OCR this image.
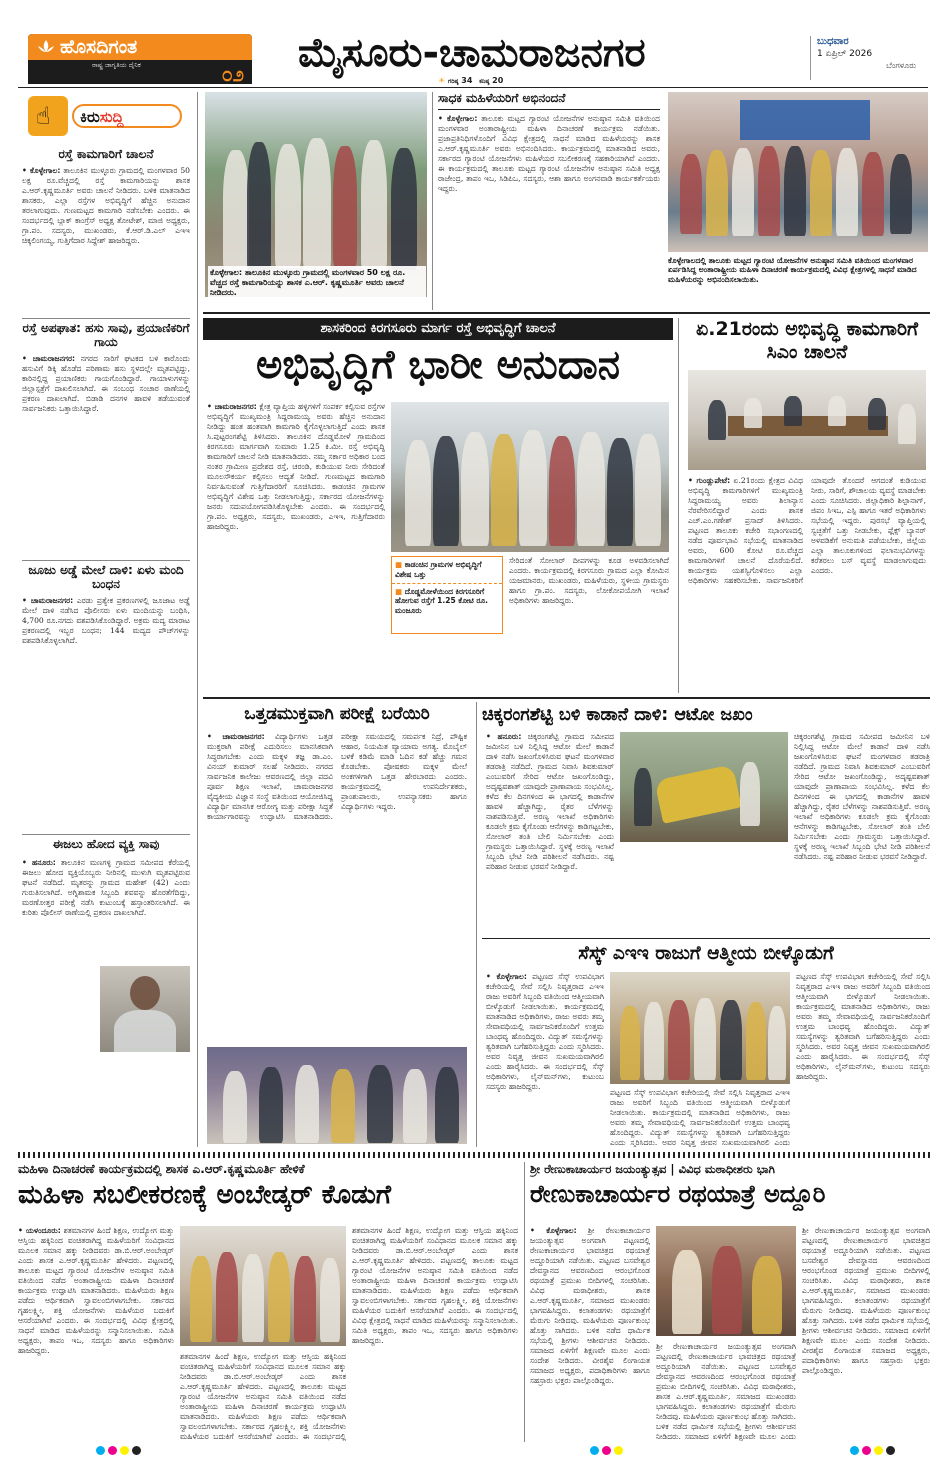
ಹೊಸದಿಗಂತ
ರಾಷ್ಟ್ರ ಜಾಗೃತಿಯ ದೈನಿಕ	೦೨ ಮೈಸೂರು-ಚಾಮರಾಜನಗರ
☀ ಗರಿಷ್ಠ 34 ಕನಿಷ್ಠ 20
ಬುಧವಾರ
1 ಏಪ್ರಿಲ್ 2026
ಬೆಂಗಳೂರು
☝	ಕಿರುಸುದ್ದಿ
ರಸ್ತೆ ಕಾಮಗಾರಿಗೆ ಚಾಲನೆ
• ಕೊಳ್ಳೇಗಾಲ: ತಾಲೂಕಿನ ಮುಳ್ಳೂರು ಗ್ರಾಮದಲ್ಲಿ ಮಂಗಳವಾರ 50 ಲಕ್ಷ ರೂ.ವೆಚ್ಚದಲ್ಲಿ ರಸ್ತೆ ಕಾಮಗಾರಿಯನ್ನು ಶಾಸಕ ಎ.ಆರ್.ಕೃಷ್ಣಮೂರ್ತಿ ಅವರು ಚಾಲನೆ ನೀಡಿದರು. ಬಳಿಕ ಮಾತನಾಡಿದ ಶಾಸಕರು, ಎಲ್ಲಾ ರಸ್ತೆಗಳ ಅಭಿವೃದ್ಧಿಗೆ ಹೆಚ್ಚಿನ ಅನುದಾನ ತರಲಾಗುವುದು. ಗುಣಮಟ್ಟದ ಕಾಮಗಾರಿ ನಡೆಸಬೇಕು ಎಂದರು. ಈ ಸಂದರ್ಭದಲ್ಲಿ ಬ್ಲಾಕ್ ಕಾಂಗ್ರೆಸ್ ಅಧ್ಯಕ್ಷ ತೋಟೇಶ್, ಮಾಜಿ ಅಧ್ಯಕ್ಷರು, ಗ್ರಾ.ಪಂ. ಸದಸ್ಯರು, ಮುಖಂಡರು, ಕೆ.ಆರ್.ಡಿ.ಎಲ್ ಎಇಇ ಚಿಕ್ಕಲಿಂಗಯ್ಯ, ಗುತ್ತಿಗೆದಾರ ಸಿದ್ದೇಶ್ ಹಾಜರಿದ್ದರು.
ರಸ್ತೆ ಅಪಘಾತ: ಹಸು ಸಾವು, ಪ್ರಯಾಣಿಕರಿಗೆ ಗಾಯ
• ಚಾಮರಾಜನಗರ: ನಗರದ ಸಾರಿಗೆ ಘಟಕದ ಬಳಿ ಕಾರೊಂದು ಹಸುವಿಗೆ ಡಿಕ್ಕಿ ಹೊಡೆದ ಪರಿಣಾಮ ಹಸು ಸ್ಥಳದಲ್ಲೇ ಮೃತಪಟ್ಟಿದ್ದು, ಕಾರಿನಲ್ಲಿದ್ದ ಪ್ರಯಾಣಿಕರು ಗಾಯಗೊಂಡಿದ್ದಾರೆ. ಗಾಯಾಳುಗಳನ್ನು ಜಿಲ್ಲಾಸ್ಪತ್ರೆಗೆ ದಾಖಲಿಸಲಾಗಿದೆ. ಈ ಸಂಬಂಧ ಸಂಚಾರ ಠಾಣೆಯಲ್ಲಿ ಪ್ರಕರಣ ದಾಖಲಾಗಿದೆ. ಬಿಡಾಡಿ ದನಗಳ ಹಾವಳಿ ತಡೆಯುವಂತೆ ಸಾರ್ವಜನಿಕರು ಒತ್ತಾಯಿಸಿದ್ದಾರೆ.
ಜೂಜು ಅಡ್ಡೆ ಮೇಲೆ ದಾಳಿ: ಏಳು ಮಂದಿ ಬಂಧನ
• ಚಾಮರಾಜನಗರ: ಎರಡು ಪ್ರತ್ಯೇಕ ಪ್ರಕರಣಗಳಲ್ಲಿ ಜೂಜಾಟ ಅಡ್ಡೆ ಮೇಲೆ ದಾಳಿ ನಡೆಸಿದ ಪೊಲೀಸರು ಏಳು ಮಂದಿಯನ್ನು ಬಂಧಿಸಿ, 4,700 ರೂ.ನಗದು ವಶಪಡಿಸಿಕೊಂಡಿದ್ದಾರೆ. ಅಕ್ರಮ ಮದ್ಯ ಮಾರಾಟ ಪ್ರಕರಣದಲ್ಲಿ ಇಬ್ಬರ ಬಂಧನ; 144 ಮದ್ಯದ ಪೌಚ್‌ಗಳನ್ನು ವಶಪಡಿಸಿಕೊಳ್ಳಲಾಗಿದೆ.
ಈಜಲು ಹೋದ ವ್ಯಕ್ತಿ ಸಾವು
• ಹನೂರು: ತಾಲೂಕಿನ ಮಣಗಳ್ಳಿ ಗ್ರಾಮದ ಸಮೀಪದ ಕೆರೆಯಲ್ಲಿ ಈಜಲು ಹೋದ ವ್ಯಕ್ತಿಯೊಬ್ಬರು ನೀರಿನಲ್ಲಿ ಮುಳುಗಿ ಮೃತಪಟ್ಟಿರುವ ಘಟನೆ ನಡೆದಿದೆ. ಮೃತರನ್ನು ಗ್ರಾಮದ ಮಹೇಶ್ (42) ಎಂದು ಗುರುತಿಸಲಾಗಿದೆ. ಅಗ್ನಿಶಾಮಕ ಸಿಬ್ಬಂದಿ ಶವವನ್ನು ಹೊರತೆಗೆದಿದ್ದು, ಮರಣೋತ್ತರ ಪರೀಕ್ಷೆ ನಡೆಸಿ ಕುಟುಂಬಕ್ಕೆ ಹಸ್ತಾಂತರಿಸಲಾಗಿದೆ. ಈ ಕುರಿತು ಪೊಲೀಸ್ ಠಾಣೆಯಲ್ಲಿ ಪ್ರಕರಣ ದಾಖಲಾಗಿದೆ.
ಕೊಳ್ಳೇಗಾಲ: ತಾಲೂಕಿನ ಮುಳ್ಳೂರು ಗ್ರಾಮದಲ್ಲಿ ಮಂಗಳವಾರ 50 ಲಕ್ಷ ರೂ. ವೆಚ್ಚದ ರಸ್ತೆ ಕಾಮಗಾರಿಯನ್ನು ಶಾಸಕ ಎ.ಆರ್. ಕೃಷ್ಣಮೂರ್ತಿ ಅವರು ಚಾಲನೆ ನೀಡಿದರು.
ಸಾಧಕ ಮಹಿಳೆಯರಿಗೆ ಅಭಿನಂದನೆ
• ಕೊಳ್ಳೇಗಾಲ: ತಾಲೂಕು ಮಟ್ಟದ ಗ್ಯಾರಂಟಿ ಯೋಜನೆಗಳ ಅನುಷ್ಠಾನ ಸಮಿತಿ ವತಿಯಿಂದ ಮಂಗಳವಾರ ಅಂತಾರಾಷ್ಟ್ರೀಯ ಮಹಿಳಾ ದಿನಾಚರಣೆ ಕಾರ್ಯಕ್ರಮ ನಡೆಯಿತು. ಪ್ರಜಾಪ್ರತಿನಿಧಿಗಳೊಂದಿಗೆ ವಿವಿಧ ಕ್ಷೇತ್ರದಲ್ಲಿ ಸಾಧನೆ ಮಾಡಿದ ಮಹಿಳೆಯರನ್ನು ಶಾಸಕ ಎ.ಆರ್.ಕೃಷ್ಣಮೂರ್ತಿ ಅವರು ಅಭಿನಂದಿಸಿದರು. ಕಾರ್ಯಕ್ರಮದಲ್ಲಿ ಮಾತನಾಡಿದ ಅವರು, ಸರ್ಕಾರದ ಗ್ಯಾರಂಟಿ ಯೋಜನೆಗಳು ಮಹಿಳೆಯರ ಸಬಲೀಕರಣಕ್ಕೆ ಸಹಕಾರಿಯಾಗಿವೆ ಎಂದರು. ಈ ಕಾರ್ಯಕ್ರಮದಲ್ಲಿ ತಾಲೂಕು ಮಟ್ಟದ ಗ್ಯಾರಂಟಿ ಯೋಜನೆಗಳ ಅನುಷ್ಠಾನ ಸಮಿತಿ ಅಧ್ಯಕ್ಷ ರಾಜೇಂದ್ರ, ತಾಪಂ ಇಒ, ಸಿಡಿಪಿಒ, ಸದಸ್ಯರು, ಆಶಾ ಹಾಗೂ ಅಂಗನವಾಡಿ ಕಾರ್ಯಕರ್ತೆಯರು ಇದ್ದರು.
ಕೊಳ್ಳೇಗಾಲದಲ್ಲಿ ತಾಲೂಕು ಮಟ್ಟದ ಗ್ಯಾರಂಟಿ ಯೋಜನೆಗಳ ಅನುಷ್ಠಾನ ಸಮಿತಿ ವತಿಯಿಂದ ಮಂಗಳವಾರ ಏರ್ಪಡಿಸಿದ್ದ ಅಂತಾರಾಷ್ಟ್ರೀಯ ಮಹಿಳಾ ದಿನಾಚರಣೆ ಕಾರ್ಯಕ್ರಮದಲ್ಲಿ ವಿವಿಧ ಕ್ಷೇತ್ರಗಳಲ್ಲಿ ಸಾಧನೆ ಮಾಡಿದ ಮಹಿಳೆಯರನ್ನು ಅಭಿನಂದಿಸಲಾಯಿತು.
ಶಾಸಕರಿಂದ ಕಿರಗಸೂರು ಮಾರ್ಗ ರಸ್ತೆ ಅಭಿವೃದ್ಧಿಗೆ ಚಾಲನೆ
ಅಭಿವೃದ್ಧಿಗೆ ಭಾರೀ ಅನುದಾನ
• ಚಾಮರಾಜನಗರ: ಕ್ಷೇತ್ರ ವ್ಯಾಪ್ತಿಯ ಹಳ್ಳಿಗಳಿಗೆ ಸಂಪರ್ಕ ಕಲ್ಪಿಸುವ ರಸ್ತೆಗಳ ಅಭಿವೃದ್ಧಿಗೆ ಮುಖ್ಯಮಂತ್ರಿ ಸಿದ್ದರಾಮಯ್ಯ ಅವರು ಹೆಚ್ಚಿನ ಅನುದಾನ ನೀಡಿದ್ದು ಹಂತ ಹಂತವಾಗಿ ಕಾಮಗಾರಿ ಕೈಗೊಳ್ಳಲಾಗುತ್ತಿದೆ ಎಂದು ಶಾಸಕ ಸಿ.ಪುಟ್ಟರಂಗಶೆಟ್ಟಿ ತಿಳಿಸಿದರು. ತಾಲೂಕಿನ ದೊಡ್ಡಮೋಳೆ ಗ್ರಾಮದಿಂದ ಕಿರಗಸೂರು ಮಾರ್ಗವಾಗಿ ಸುಮಾರು 1.25 ಕಿ.ಮೀ. ರಸ್ತೆ ಅಭಿವೃದ್ಧಿ ಕಾಮಗಾರಿಗೆ ಚಾಲನೆ ನೀಡಿ ಮಾತನಾಡಿದರು. ನಮ್ಮ ಸರ್ಕಾರ ಅಧಿಕಾರ ಬಂದ ನಂತರ ಗ್ರಾಮೀಣ ಪ್ರದೇಶದ ರಸ್ತೆ, ಚರಂಡಿ, ಕುಡಿಯುವ ನೀರು ಸೇರಿದಂತೆ ಮೂಲಸೌಕರ್ಯ ಕಲ್ಪಿಸಲು ಆದ್ಯತೆ ನೀಡಿದೆ. ಗುಣಮಟ್ಟದ ಕಾಮಗಾರಿ ನಿರ್ವಹಿಸುವಂತೆ ಗುತ್ತಿಗೆದಾರರಿಗೆ ಸೂಚಿಸಿದರು. ಕಾಡಂಚಿನ ಗ್ರಾಮಗಳ ಅಭಿವೃದ್ಧಿಗೆ ವಿಶೇಷ ಒತ್ತು ನೀಡಲಾಗುತ್ತಿದ್ದು, ಸರ್ಕಾರದ ಯೋಜನೆಗಳನ್ನು ಜನರು ಸದುಪಯೋಗಪಡಿಸಿಕೊಳ್ಳಬೇಕು ಎಂದರು. ಈ ಸಂದರ್ಭದಲ್ಲಿ ಗ್ರಾ.ಪಂ. ಅಧ್ಯಕ್ಷರು, ಸದಸ್ಯರು, ಮುಖಂಡರು, ಎಇಇ, ಗುತ್ತಿಗೆದಾರರು ಹಾಜರಿದ್ದರು.
■ ಕಾಡಂಚಿನ ಗ್ರಾಮಗಳ ಅಭಿವೃದ್ಧಿಗೆ ವಿಶೇಷ ಒತ್ತು
■ ದೊಡ್ಡಮೋಳೆಯಿಂದ ಕಿರಗಸೂರಿಗೆ ಹೋಗುವ ರಸ್ತೆಗೆ 1.25 ಕೋಟಿ ರೂ. ಮಂಜೂರು
ಸೇರಿದಂತೆ ಸೋಲಾರ್ ದೀಪಗಳನ್ನು ಕೂಡ ಅಳವಡಿಸಲಾಗಿದೆ ಎಂದರು. ಕಾರ್ಯಕ್ರಮದಲ್ಲಿ ಕಿರಗಸೂರು ಗ್ರಾಮದ ಎಲ್ಲಾ ಕೋಮಿನ ಯಜಮಾನರು, ಮುಖಂಡರು, ಮಹಿಳೆಯರು, ಸ್ಥಳೀಯ ಗ್ರಾಮಸ್ಥರು ಹಾಗೂ ಗ್ರಾ.ಪಂ. ಸದಸ್ಯರು, ಲೋಕೋಪಯೋಗಿ ಇಲಾಖೆ ಅಧಿಕಾರಿಗಳು ಹಾಜರಿದ್ದರು.
ಏ.21ರಂದು ಅಭಿವೃದ್ಧಿ ಕಾಮಗಾರಿಗೆ ಸಿಎಂ ಚಾಲನೆ
• ಗುಂಡ್ಲುಪೇಟೆ: ಏ.21ರಂದು ಕ್ಷೇತ್ರದ ವಿವಿಧ ಅಭಿವೃದ್ಧಿ ಕಾಮಗಾರಿಗಳಿಗೆ ಮುಖ್ಯಮಂತ್ರಿ ಸಿದ್ದರಾಮಯ್ಯ ಅವರು ಶಿಲಾನ್ಯಾಸ ನೆರವೇರಿಸಲಿದ್ದಾರೆ ಎಂದು ಶಾಸಕ ಎಚ್.ಎಂ.ಗಣೇಶ್ ಪ್ರಸಾದ್ ತಿಳಿಸಿದರು. ಪಟ್ಟಣದ ತಾಲೂಕು ಕಚೇರಿ ಸಭಾಂಗಣದಲ್ಲಿ ನಡೆದ ಪೂರ್ವಭಾವಿ ಸಭೆಯಲ್ಲಿ ಮಾತನಾಡಿದ ಅವರು, 600 ಕೋಟಿ ರೂ.ವೆಚ್ಚದ ಕಾಮಗಾರಿಗಳಿಗೆ ಚಾಲನೆ ದೊರೆಯಲಿದೆ. ಕಾರ್ಯಕ್ರಮ ಯಶಸ್ವಿಗೊಳಿಸಲು ಎಲ್ಲಾ ಅಧಿಕಾರಿಗಳು ಸಹಕರಿಸಬೇಕು. ಸಾರ್ವಜನಿಕರಿಗೆ ಯಾವುದೇ ತೊಂದರೆ ಆಗದಂತೆ ಕುಡಿಯುವ ನೀರು, ಸಾರಿಗೆ, ಶೌಚಾಲಯ ವ್ಯವಸ್ಥೆ ಮಾಡಬೇಕು ಎಂದು ಸೂಚಿಸಿದರು. ಜಿಲ್ಲಾಧಿಕಾರಿ ಶಿಲ್ಪಾನಾಗ್, ಜಿಪಂ ಸಿಇಒ, ಎಸ್ಪಿ ಹಾಗೂ ಇತರೆ ಅಧಿಕಾರಿಗಳು ಸಭೆಯಲ್ಲಿ ಇದ್ದರು. ಪುರಸಭೆ ವ್ಯಾಪ್ತಿಯಲ್ಲಿ ಸ್ವಚ್ಛತೆಗೆ ಒತ್ತು ನೀಡಬೇಕು, ಫ್ಲೆಕ್ಸ್ ಬ್ಯಾನರ್ ಅಳವಡಿಕೆಗೆ ಅನುಮತಿ ಪಡೆಯಬೇಕು, ಜಿಲ್ಲೆಯ ಎಲ್ಲಾ ತಾಲೂಕುಗಳಿಂದ ಫಲಾನುಭವಿಗಳನ್ನು ಕರೆತರಲು ಬಸ್ ವ್ಯವಸ್ಥೆ ಮಾಡಲಾಗುವುದು ಎಂದರು.
ಒತ್ತಡಮುಕ್ತವಾಗಿ ಪರೀಕ್ಷೆ ಬರೆಯಿರಿ
• ಚಾಮರಾಜನಗರ: ವಿದ್ಯಾರ್ಥಿಗಳು ಒತ್ತಡ ಮುಕ್ತರಾಗಿ ಪರೀಕ್ಷೆ ಎದುರಿಸಲು ಮಾನಸಿಕವಾಗಿ ಸಿದ್ಧರಾಗಬೇಕು ಎಂದು ಮಕ್ಕಳ ತಜ್ಞ ಡಾ.ಎಂ. ವಿನಯ್ ಕುಮಾರ್ ಸಲಹೆ ನೀಡಿದರು. ನಗರದ ಸಾರ್ವಜನಿಕ ಕಾಲೇಜು ಆವರಣದಲ್ಲಿ ಜಿಲ್ಲಾ ಪದವಿ ಪೂರ್ವ ಶಿಕ್ಷಣ ಇಲಾಖೆ, ಚಾಮರಾಜನಗರ ವೈದ್ಯಕೀಯ ವಿಜ್ಞಾನ ಸಂಸ್ಥೆ ವತಿಯಿಂದ ಆಯೋಜಿಸಿದ್ದ ವಿದ್ಯಾರ್ಥಿ ಮಾನಸಿಕ ಆರೋಗ್ಯ ಮತ್ತು ಪರೀಕ್ಷಾ ಸಿದ್ಧತೆ ಕಾರ್ಯಾಗಾರವನ್ನು ಉದ್ಘಾಟಿಸಿ ಮಾತನಾಡಿದರು. ಪರೀಕ್ಷಾ ಸಮಯದಲ್ಲಿ ಸಮರ್ಪಕ ನಿದ್ರೆ, ಪೌಷ್ಟಿಕ ಆಹಾರ, ನಿಯಮಿತ ವ್ಯಾಯಾಮ ಅಗತ್ಯ. ಮೊಬೈಲ್ ಬಳಕೆ ಕಡಿಮೆ ಮಾಡಿ ಓದಿನ ಕಡೆ ಹೆಚ್ಚು ಗಮನ ಕೊಡಬೇಕು. ಪೋಷಕರು ಮಕ್ಕಳ ಮೇಲೆ ಅಂಕಗಳಿಗಾಗಿ ಒತ್ತಡ ಹೇರಬಾರದು ಎಂದರು. ಕಾರ್ಯಕ್ರಮದಲ್ಲಿ ಉಪನಿರ್ದೇಶಕರು, ಪ್ರಾಂಶುಪಾಲರು, ಉಪನ್ಯಾಸಕರು ಹಾಗೂ ವಿದ್ಯಾರ್ಥಿಗಳು ಇದ್ದರು.
ಚಿಕ್ಕರಂಗಶೆಟ್ಟಿ ಬಳಿ ಕಾಡಾನೆ ದಾಳಿ: ಆಟೋ ಜಖಂ
• ಹನೂರು: ಚಿಕ್ಕರಂಗಶೆಟ್ಟಿ ಗ್ರಾಮದ ಸಮೀಪದ ಜಮೀನಿನ ಬಳಿ ನಿಲ್ಲಿಸಿದ್ದ ಆಟೋ ಮೇಲೆ ಕಾಡಾನೆ ದಾಳಿ ನಡೆಸಿ ಜಖಂಗೊಳಿಸಿರುವ ಘಟನೆ ಮಂಗಳವಾರ ತಡರಾತ್ರಿ ನಡೆದಿದೆ. ಗ್ರಾಮದ ನಿವಾಸಿ ಶಿವಕುಮಾರ್ ಎಂಬುವರಿಗೆ ಸೇರಿದ ಆಟೋ ಜಖಂಗೊಂಡಿದ್ದು, ಅದೃಷ್ಟವಶಾತ್ ಯಾವುದೇ ಪ್ರಾಣಾಪಾಯ ಸಂಭವಿಸಿಲ್ಲ. ಕಳೆದ ಕೆಲ ದಿನಗಳಿಂದ ಈ ಭಾಗದಲ್ಲಿ ಕಾಡಾನೆಗಳ ಹಾವಳಿ ಹೆಚ್ಚಾಗಿದ್ದು, ರೈತರ ಬೆಳೆಗಳನ್ನು ನಾಶಪಡಿಸುತ್ತಿವೆ. ಅರಣ್ಯ ಇಲಾಖೆ ಅಧಿಕಾರಿಗಳು ಕೂಡಲೇ ಕ್ರಮ ಕೈಗೊಂಡು ಆನೆಗಳನ್ನು ಕಾಡಿಗಟ್ಟಬೇಕು, ಸೋಲಾರ್ ತಂತಿ ಬೇಲಿ ನಿರ್ಮಿಸಬೇಕು ಎಂದು ಗ್ರಾಮಸ್ಥರು ಒತ್ತಾಯಿಸಿದ್ದಾರೆ. ಸ್ಥಳಕ್ಕೆ ಅರಣ್ಯ ಇಲಾಖೆ ಸಿಬ್ಬಂದಿ ಭೇಟಿ ನೀಡಿ ಪರಿಶೀಲನೆ ನಡೆಸಿದರು. ನಷ್ಟ ಪರಿಹಾರ ನೀಡುವ ಭರವಸೆ ನೀಡಿದ್ದಾರೆ.
ಚಿಕ್ಕರಂಗಶೆಟ್ಟಿ ಗ್ರಾಮದ ಸಮೀಪದ ಜಮೀನಿನ ಬಳಿ ನಿಲ್ಲಿಸಿದ್ದ ಆಟೋ ಮೇಲೆ ಕಾಡಾನೆ ದಾಳಿ ನಡೆಸಿ ಜಖಂಗೊಳಿಸಿರುವ ಘಟನೆ ಮಂಗಳವಾರ ತಡರಾತ್ರಿ ನಡೆದಿದೆ. ಗ್ರಾಮದ ನಿವಾಸಿ ಶಿವಕುಮಾರ್ ಎಂಬುವರಿಗೆ ಸೇರಿದ ಆಟೋ ಜಖಂಗೊಂಡಿದ್ದು, ಅದೃಷ್ಟವಶಾತ್ ಯಾವುದೇ ಪ್ರಾಣಾಪಾಯ ಸಂಭವಿಸಿಲ್ಲ. ಕಳೆದ ಕೆಲ ದಿನಗಳಿಂದ ಈ ಭಾಗದಲ್ಲಿ ಕಾಡಾನೆಗಳ ಹಾವಳಿ ಹೆಚ್ಚಾಗಿದ್ದು, ರೈತರ ಬೆಳೆಗಳನ್ನು ನಾಶಪಡಿಸುತ್ತಿವೆ. ಅರಣ್ಯ ಇಲಾಖೆ ಅಧಿಕಾರಿಗಳು ಕೂಡಲೇ ಕ್ರಮ ಕೈಗೊಂಡು ಆನೆಗಳನ್ನು ಕಾಡಿಗಟ್ಟಬೇಕು, ಸೋಲಾರ್ ತಂತಿ ಬೇಲಿ ನಿರ್ಮಿಸಬೇಕು ಎಂದು ಗ್ರಾಮಸ್ಥರು ಒತ್ತಾಯಿಸಿದ್ದಾರೆ. ಸ್ಥಳಕ್ಕೆ ಅರಣ್ಯ ಇಲಾಖೆ ಸಿಬ್ಬಂದಿ ಭೇಟಿ ನೀಡಿ ಪರಿಶೀಲನೆ ನಡೆಸಿದರು. ನಷ್ಟ ಪರಿಹಾರ ನೀಡುವ ಭರವಸೆ ನೀಡಿದ್ದಾರೆ.
ಸೆಸ್ಕ್ ಎಇಇ ರಾಜುಗೆ ಆತ್ಮೀಯ ಬೀಳ್ಕೊಡುಗೆ
• ಕೊಳ್ಳೇಗಾಲ: ಪಟ್ಟಣದ ಸೆಸ್ಕ್ ಉಪವಿಭಾಗ ಕಚೇರಿಯಲ್ಲಿ ಸೇವೆ ಸಲ್ಲಿಸಿ ನಿವೃತ್ತರಾದ ಎಇಇ ರಾಜು ಅವರಿಗೆ ಸಿಬ್ಬಂದಿ ವತಿಯಿಂದ ಆತ್ಮೀಯವಾಗಿ ಬೀಳ್ಕೊಡುಗೆ ನೀಡಲಾಯಿತು. ಕಾರ್ಯಕ್ರಮದಲ್ಲಿ ಮಾತನಾಡಿದ ಅಧಿಕಾರಿಗಳು, ರಾಜು ಅವರು ತಮ್ಮ ಸೇವಾವಧಿಯಲ್ಲಿ ಸಾರ್ವಜನಿಕರೊಂದಿಗೆ ಉತ್ತಮ ಬಾಂಧವ್ಯ ಹೊಂದಿದ್ದರು. ವಿದ್ಯುತ್ ಸಮಸ್ಯೆಗಳನ್ನು ತ್ವರಿತವಾಗಿ ಬಗೆಹರಿಸುತ್ತಿದ್ದರು ಎಂದು ಸ್ಮರಿಸಿದರು. ಅವರ ನಿವೃತ್ತ ಜೀವನ ಸುಖಮಯವಾಗಿರಲಿ ಎಂದು ಹಾರೈಸಿದರು. ಈ ಸಂದರ್ಭದಲ್ಲಿ ಸೆಸ್ಕ್ ಅಧಿಕಾರಿಗಳು, ಲೈನ್‌ಮನ್‌ಗಳು, ಕುಟುಂಬ ಸದಸ್ಯರು ಹಾಜರಿದ್ದರು.
ಪಟ್ಟಣದ ಸೆಸ್ಕ್ ಉಪವಿಭಾಗ ಕಚೇರಿಯಲ್ಲಿ ಸೇವೆ ಸಲ್ಲಿಸಿ ನಿವೃತ್ತರಾದ ಎಇಇ ರಾಜು ಅವರಿಗೆ ಸಿಬ್ಬಂದಿ ವತಿಯಿಂದ ಆತ್ಮೀಯವಾಗಿ ಬೀಳ್ಕೊಡುಗೆ ನೀಡಲಾಯಿತು. ಕಾರ್ಯಕ್ರಮದಲ್ಲಿ ಮಾತನಾಡಿದ ಅಧಿಕಾರಿಗಳು, ರಾಜು ಅವರು ತಮ್ಮ ಸೇವಾವಧಿಯಲ್ಲಿ ಸಾರ್ವಜನಿಕರೊಂದಿಗೆ ಉತ್ತಮ ಬಾಂಧವ್ಯ ಹೊಂದಿದ್ದರು. ವಿದ್ಯುತ್ ಸಮಸ್ಯೆಗಳನ್ನು ತ್ವರಿತವಾಗಿ ಬಗೆಹರಿಸುತ್ತಿದ್ದರು ಎಂದು ಸ್ಮರಿಸಿದರು. ಅವರ ನಿವೃತ್ತ ಜೀವನ ಸುಖಮಯವಾಗಿರಲಿ ಎಂದು
ಪಟ್ಟಣದ ಸೆಸ್ಕ್ ಉಪವಿಭಾಗ ಕಚೇರಿಯಲ್ಲಿ ಸೇವೆ ಸಲ್ಲಿಸಿ ನಿವೃತ್ತರಾದ ಎಇಇ ರಾಜು ಅವರಿಗೆ ಸಿಬ್ಬಂದಿ ವತಿಯಿಂದ ಆತ್ಮೀಯವಾಗಿ ಬೀಳ್ಕೊಡುಗೆ ನೀಡಲಾಯಿತು. ಕಾರ್ಯಕ್ರಮದಲ್ಲಿ ಮಾತನಾಡಿದ ಅಧಿಕಾರಿಗಳು, ರಾಜು ಅವರು ತಮ್ಮ ಸೇವಾವಧಿಯಲ್ಲಿ ಸಾರ್ವಜನಿಕರೊಂದಿಗೆ ಉತ್ತಮ ಬಾಂಧವ್ಯ ಹೊಂದಿದ್ದರು. ವಿದ್ಯುತ್ ಸಮಸ್ಯೆಗಳನ್ನು ತ್ವರಿತವಾಗಿ ಬಗೆಹರಿಸುತ್ತಿದ್ದರು ಎಂದು ಸ್ಮರಿಸಿದರು. ಅವರ ನಿವೃತ್ತ ಜೀವನ ಸುಖಮಯವಾಗಿರಲಿ ಎಂದು ಹಾರೈಸಿದರು. ಈ ಸಂದರ್ಭದಲ್ಲಿ ಸೆಸ್ಕ್ ಅಧಿಕಾರಿಗಳು, ಲೈನ್‌ಮನ್‌ಗಳು, ಕುಟುಂಬ ಸದಸ್ಯರು ಹಾಜರಿದ್ದರು.
ಮಹಿಳಾ ದಿನಾಚರಣೆ ಕಾರ್ಯಕ್ರಮದಲ್ಲಿ ಶಾಸಕ ಎ.ಆರ್.ಕೃಷ್ಣಮೂರ್ತಿ ಹೇಳಿಕೆ
ಮಹಿಳಾ ಸಬಲೀಕರಣಕ್ಕೆ ಅಂಬೇಡ್ಕರ್ ಕೊಡುಗೆ
• ಯಳಂದೂರು: ಶತಮಾನಗಳ ಹಿಂದೆ ಶಿಕ್ಷಣ, ಉದ್ಯೋಗ ಮತ್ತು ಆಸ್ತಿಯ ಹಕ್ಕಿನಿಂದ ವಂಚಿತರಾಗಿದ್ದ ಮಹಿಳೆಯರಿಗೆ ಸಂವಿಧಾನದ ಮೂಲಕ ಸಮಾನ ಹಕ್ಕು ನೀಡಿದವರು ಡಾ.ಬಿ.ಆರ್.ಅಂಬೇಡ್ಕರ್ ಎಂದು ಶಾಸಕ ಎ.ಆರ್.ಕೃಷ್ಣಮೂರ್ತಿ ಹೇಳಿದರು. ಪಟ್ಟಣದಲ್ಲಿ ತಾಲೂಕು ಮಟ್ಟದ ಗ್ಯಾರಂಟಿ ಯೋಜನೆಗಳ ಅನುಷ್ಠಾನ ಸಮಿತಿ ವತಿಯಿಂದ ನಡೆದ ಅಂತಾರಾಷ್ಟ್ರೀಯ ಮಹಿಳಾ ದಿನಾಚರಣೆ ಕಾರ್ಯಕ್ರಮ ಉದ್ಘಾಟಿಸಿ ಮಾತನಾಡಿದರು. ಮಹಿಳೆಯರು ಶಿಕ್ಷಣ ಪಡೆದು ಆರ್ಥಿಕವಾಗಿ ಸ್ವಾವಲಂಬಿಗಳಾಗಬೇಕು. ಸರ್ಕಾರದ ಗೃಹಲಕ್ಷ್ಮೀ, ಶಕ್ತಿ ಯೋಜನೆಗಳು ಮಹಿಳೆಯರ ಬದುಕಿಗೆ ಆಸರೆಯಾಗಿವೆ ಎಂದರು. ಈ ಸಂದರ್ಭದಲ್ಲಿ ವಿವಿಧ ಕ್ಷೇತ್ರದಲ್ಲಿ ಸಾಧನೆ ಮಾಡಿದ ಮಹಿಳೆಯರನ್ನು ಸನ್ಮಾನಿಸಲಾಯಿತು. ಸಮಿತಿ ಅಧ್ಯಕ್ಷರು, ತಾಪಂ ಇಒ, ಸದಸ್ಯರು ಹಾಗೂ ಅಧಿಕಾರಿಗಳು ಹಾಜರಿದ್ದರು.
ಶತಮಾನಗಳ ಹಿಂದೆ ಶಿಕ್ಷಣ, ಉದ್ಯೋಗ ಮತ್ತು ಆಸ್ತಿಯ ಹಕ್ಕಿನಿಂದ ವಂಚಿತರಾಗಿದ್ದ ಮಹಿಳೆಯರಿಗೆ ಸಂವಿಧಾನದ ಮೂಲಕ ಸಮಾನ ಹಕ್ಕು ನೀಡಿದವರು ಡಾ.ಬಿ.ಆರ್.ಅಂಬೇಡ್ಕರ್ ಎಂದು ಶಾಸಕ ಎ.ಆರ್.ಕೃಷ್ಣಮೂರ್ತಿ ಹೇಳಿದರು. ಪಟ್ಟಣದಲ್ಲಿ ತಾಲೂಕು ಮಟ್ಟದ ಗ್ಯಾರಂಟಿ ಯೋಜನೆಗಳ ಅನುಷ್ಠಾನ ಸಮಿತಿ ವತಿಯಿಂದ ನಡೆದ ಅಂತಾರಾಷ್ಟ್ರೀಯ ಮಹಿಳಾ ದಿನಾಚರಣೆ ಕಾರ್ಯಕ್ರಮ ಉದ್ಘಾಟಿಸಿ ಮಾತನಾಡಿದರು. ಮಹಿಳೆಯರು ಶಿಕ್ಷಣ ಪಡೆದು ಆರ್ಥಿಕವಾಗಿ ಸ್ವಾವಲಂಬಿಗಳಾಗಬೇಕು. ಸರ್ಕಾರದ ಗೃಹಲಕ್ಷ್ಮೀ, ಶಕ್ತಿ ಯೋಜನೆಗಳು ಮಹಿಳೆಯರ ಬದುಕಿಗೆ ಆಸರೆಯಾಗಿವೆ ಎಂದರು. ಈ ಸಂದರ್ಭದಲ್ಲಿ
ಶತಮಾನಗಳ ಹಿಂದೆ ಶಿಕ್ಷಣ, ಉದ್ಯೋಗ ಮತ್ತು ಆಸ್ತಿಯ ಹಕ್ಕಿನಿಂದ ವಂಚಿತರಾಗಿದ್ದ ಮಹಿಳೆಯರಿಗೆ ಸಂವಿಧಾನದ ಮೂಲಕ ಸಮಾನ ಹಕ್ಕು ನೀಡಿದವರು ಡಾ.ಬಿ.ಆರ್.ಅಂಬೇಡ್ಕರ್ ಎಂದು ಶಾಸಕ ಎ.ಆರ್.ಕೃಷ್ಣಮೂರ್ತಿ ಹೇಳಿದರು. ಪಟ್ಟಣದಲ್ಲಿ ತಾಲೂಕು ಮಟ್ಟದ ಗ್ಯಾರಂಟಿ ಯೋಜನೆಗಳ ಅನುಷ್ಠಾನ ಸಮಿತಿ ವತಿಯಿಂದ ನಡೆದ ಅಂತಾರಾಷ್ಟ್ರೀಯ ಮಹಿಳಾ ದಿನಾಚರಣೆ ಕಾರ್ಯಕ್ರಮ ಉದ್ಘಾಟಿಸಿ ಮಾತನಾಡಿದರು. ಮಹಿಳೆಯರು ಶಿಕ್ಷಣ ಪಡೆದು ಆರ್ಥಿಕವಾಗಿ ಸ್ವಾವಲಂಬಿಗಳಾಗಬೇಕು. ಸರ್ಕಾರದ ಗೃಹಲಕ್ಷ್ಮೀ, ಶಕ್ತಿ ಯೋಜನೆಗಳು ಮಹಿಳೆಯರ ಬದುಕಿಗೆ ಆಸರೆಯಾಗಿವೆ ಎಂದರು. ಈ ಸಂದರ್ಭದಲ್ಲಿ ವಿವಿಧ ಕ್ಷೇತ್ರದಲ್ಲಿ ಸಾಧನೆ ಮಾಡಿದ ಮಹಿಳೆಯರನ್ನು ಸನ್ಮಾನಿಸಲಾಯಿತು. ಸಮಿತಿ ಅಧ್ಯಕ್ಷರು, ತಾಪಂ ಇಒ, ಸದಸ್ಯರು ಹಾಗೂ ಅಧಿಕಾರಿಗಳು ಹಾಜರಿದ್ದರು.
ಶ್ರೀ ರೇಣುಕಾಚಾರ್ಯರ ಜಯಂತ್ಯುತ್ಸವ | ವಿವಿಧ ಮಠಾಧೀಶರು ಭಾಗಿ
ರೇಣುಕಾಚಾರ್ಯರ ರಥಯಾತ್ರೆ ಅದ್ದೂರಿ
• ಕೊಳ್ಳೇಗಾಲ: ಶ್ರೀ ರೇಣುಕಾಚಾರ್ಯರ ಜಯಂತ್ಯುತ್ಸವ ಅಂಗವಾಗಿ ಪಟ್ಟಣದಲ್ಲಿ ರೇಣುಕಾಚಾರ್ಯರ ಭಾವಚಿತ್ರದ ರಥಯಾತ್ರೆ ಅದ್ದೂರಿಯಾಗಿ ನಡೆಯಿತು. ಪಟ್ಟಣದ ಬಸವೇಶ್ವರ ದೇವಸ್ಥಾನದ ಆವರಣದಿಂದ ಆರಂಭಗೊಂಡ ರಥಯಾತ್ರೆ ಪ್ರಮುಖ ಬೀದಿಗಳಲ್ಲಿ ಸಂಚರಿಸಿತು. ವಿವಿಧ ಮಠಾಧೀಶರು, ಶಾಸಕ ಎ.ಆರ್.ಕೃಷ್ಣಮೂರ್ತಿ, ಸಮಾಜದ ಮುಖಂಡರು ಭಾಗವಹಿಸಿದ್ದರು. ಕಲಾತಂಡಗಳು ರಥಯಾತ್ರೆಗೆ ಮೆರುಗು ನೀಡಿದವು. ಮಹಿಳೆಯರು ಪೂರ್ಣಕುಂಭ ಹೊತ್ತು ಸಾಗಿದರು. ಬಳಿಕ ನಡೆದ ಧಾರ್ಮಿಕ ಸಭೆಯಲ್ಲಿ ಶ್ರೀಗಳು ಆಶೀರ್ವಚನ ನೀಡಿದರು. ಸಮಾಜದ ಏಳಿಗೆಗೆ ಶಿಕ್ಷಣವೇ ಮೂಲ ಎಂದು ಸಂದೇಶ ನೀಡಿದರು. ವೀರಶೈವ ಲಿಂಗಾಯತ ಸಮಾಜದ ಅಧ್ಯಕ್ಷರು, ಪದಾಧಿಕಾರಿಗಳು ಹಾಗೂ ಸಹಸ್ರಾರು ಭಕ್ತರು ಪಾಲ್ಗೊಂಡಿದ್ದರು.
ಶ್ರೀ ರೇಣುಕಾಚಾರ್ಯರ ಜಯಂತ್ಯುತ್ಸವ ಅಂಗವಾಗಿ ಪಟ್ಟಣದಲ್ಲಿ ರೇಣುಕಾಚಾರ್ಯರ ಭಾವಚಿತ್ರದ ರಥಯಾತ್ರೆ ಅದ್ದೂರಿಯಾಗಿ ನಡೆಯಿತು. ಪಟ್ಟಣದ ಬಸವೇಶ್ವರ ದೇವಸ್ಥಾನದ ಆವರಣದಿಂದ ಆರಂಭಗೊಂಡ ರಥಯಾತ್ರೆ ಪ್ರಮುಖ ಬೀದಿಗಳಲ್ಲಿ ಸಂಚರಿಸಿತು. ವಿವಿಧ ಮಠಾಧೀಶರು, ಶಾಸಕ ಎ.ಆರ್.ಕೃಷ್ಣಮೂರ್ತಿ, ಸಮಾಜದ ಮುಖಂಡರು ಭಾಗವಹಿಸಿದ್ದರು. ಕಲಾತಂಡಗಳು ರಥಯಾತ್ರೆಗೆ ಮೆರುಗು ನೀಡಿದವು. ಮಹಿಳೆಯರು ಪೂರ್ಣಕುಂಭ ಹೊತ್ತು ಸಾಗಿದರು. ಬಳಿಕ ನಡೆದ ಧಾರ್ಮಿಕ ಸಭೆಯಲ್ಲಿ ಶ್ರೀಗಳು ಆಶೀರ್ವಚನ ನೀಡಿದರು. ಸಮಾಜದ ಏಳಿಗೆಗೆ ಶಿಕ್ಷಣವೇ ಮೂಲ ಎಂದು
ಶ್ರೀ ರೇಣುಕಾಚಾರ್ಯರ ಜಯಂತ್ಯುತ್ಸವ ಅಂಗವಾಗಿ ಪಟ್ಟಣದಲ್ಲಿ ರೇಣುಕಾಚಾರ್ಯರ ಭಾವಚಿತ್ರದ ರಥಯಾತ್ರೆ ಅದ್ದೂರಿಯಾಗಿ ನಡೆಯಿತು. ಪಟ್ಟಣದ ಬಸವೇಶ್ವರ ದೇವಸ್ಥಾನದ ಆವರಣದಿಂದ ಆರಂಭಗೊಂಡ ರಥಯಾತ್ರೆ ಪ್ರಮುಖ ಬೀದಿಗಳಲ್ಲಿ ಸಂಚರಿಸಿತು. ವಿವಿಧ ಮಠಾಧೀಶರು, ಶಾಸಕ ಎ.ಆರ್.ಕೃಷ್ಣಮೂರ್ತಿ, ಸಮಾಜದ ಮುಖಂಡರು ಭಾಗವಹಿಸಿದ್ದರು. ಕಲಾತಂಡಗಳು ರಥಯಾತ್ರೆಗೆ ಮೆರುಗು ನೀಡಿದವು. ಮಹಿಳೆಯರು ಪೂರ್ಣಕುಂಭ ಹೊತ್ತು ಸಾಗಿದರು. ಬಳಿಕ ನಡೆದ ಧಾರ್ಮಿಕ ಸಭೆಯಲ್ಲಿ ಶ್ರೀಗಳು ಆಶೀರ್ವಚನ ನೀಡಿದರು. ಸಮಾಜದ ಏಳಿಗೆಗೆ ಶಿಕ್ಷಣವೇ ಮೂಲ ಎಂದು ಸಂದೇಶ ನೀಡಿದರು. ವೀರಶೈವ ಲಿಂಗಾಯತ ಸಮಾಜದ ಅಧ್ಯಕ್ಷರು, ಪದಾಧಿಕಾರಿಗಳು ಹಾಗೂ ಸಹಸ್ರಾರು ಭಕ್ತರು ಪಾಲ್ಗೊಂಡಿದ್ದರು.
